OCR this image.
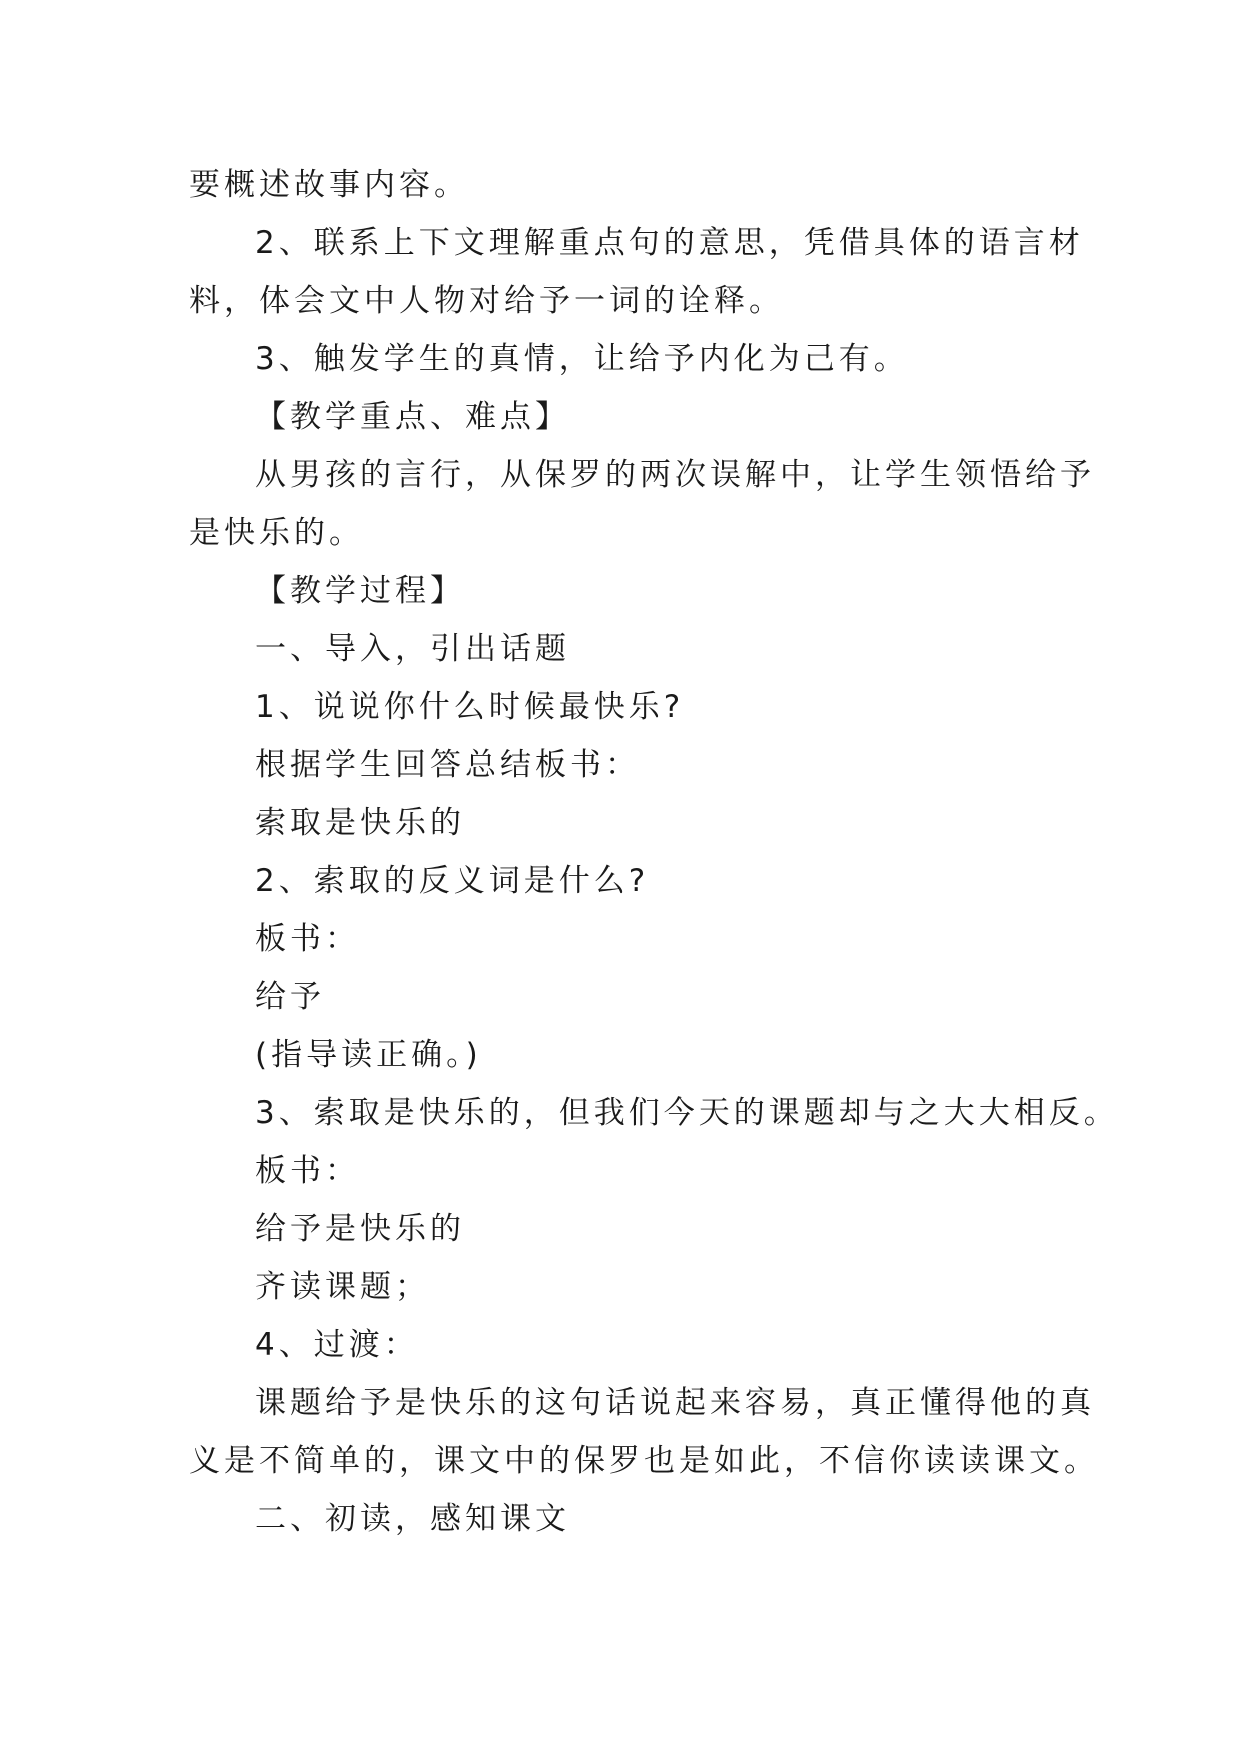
要概述故事内容。

2、联系上下文理解重点句的意思，凭借具体的语言材

料，体会文中人物对给予一词的诠释。

3、触发学生的真情，让给予内化为己有。

【教学重点、难点】

从男孩的言行，从保罗的两次误解中，让学生领悟给予

是快乐的。

【教学过程】

一、导入，引出话题

1、说说你什么时候最快乐?

根据学生回答总结板书：

索取是快乐的

2、索取的反义词是什么?

板书：

给予

(指导读正确。)

3、索取是快乐的，但我们今天的课题却与之大大相反。

板书：

给予是快乐的

齐读课题；

4、过渡：

课题给予是快乐的这句话说起来容易，真正懂得他的真

义是不简单的，课文中的保罗也是如此，不信你读读课文。

二、初读，感知课文
